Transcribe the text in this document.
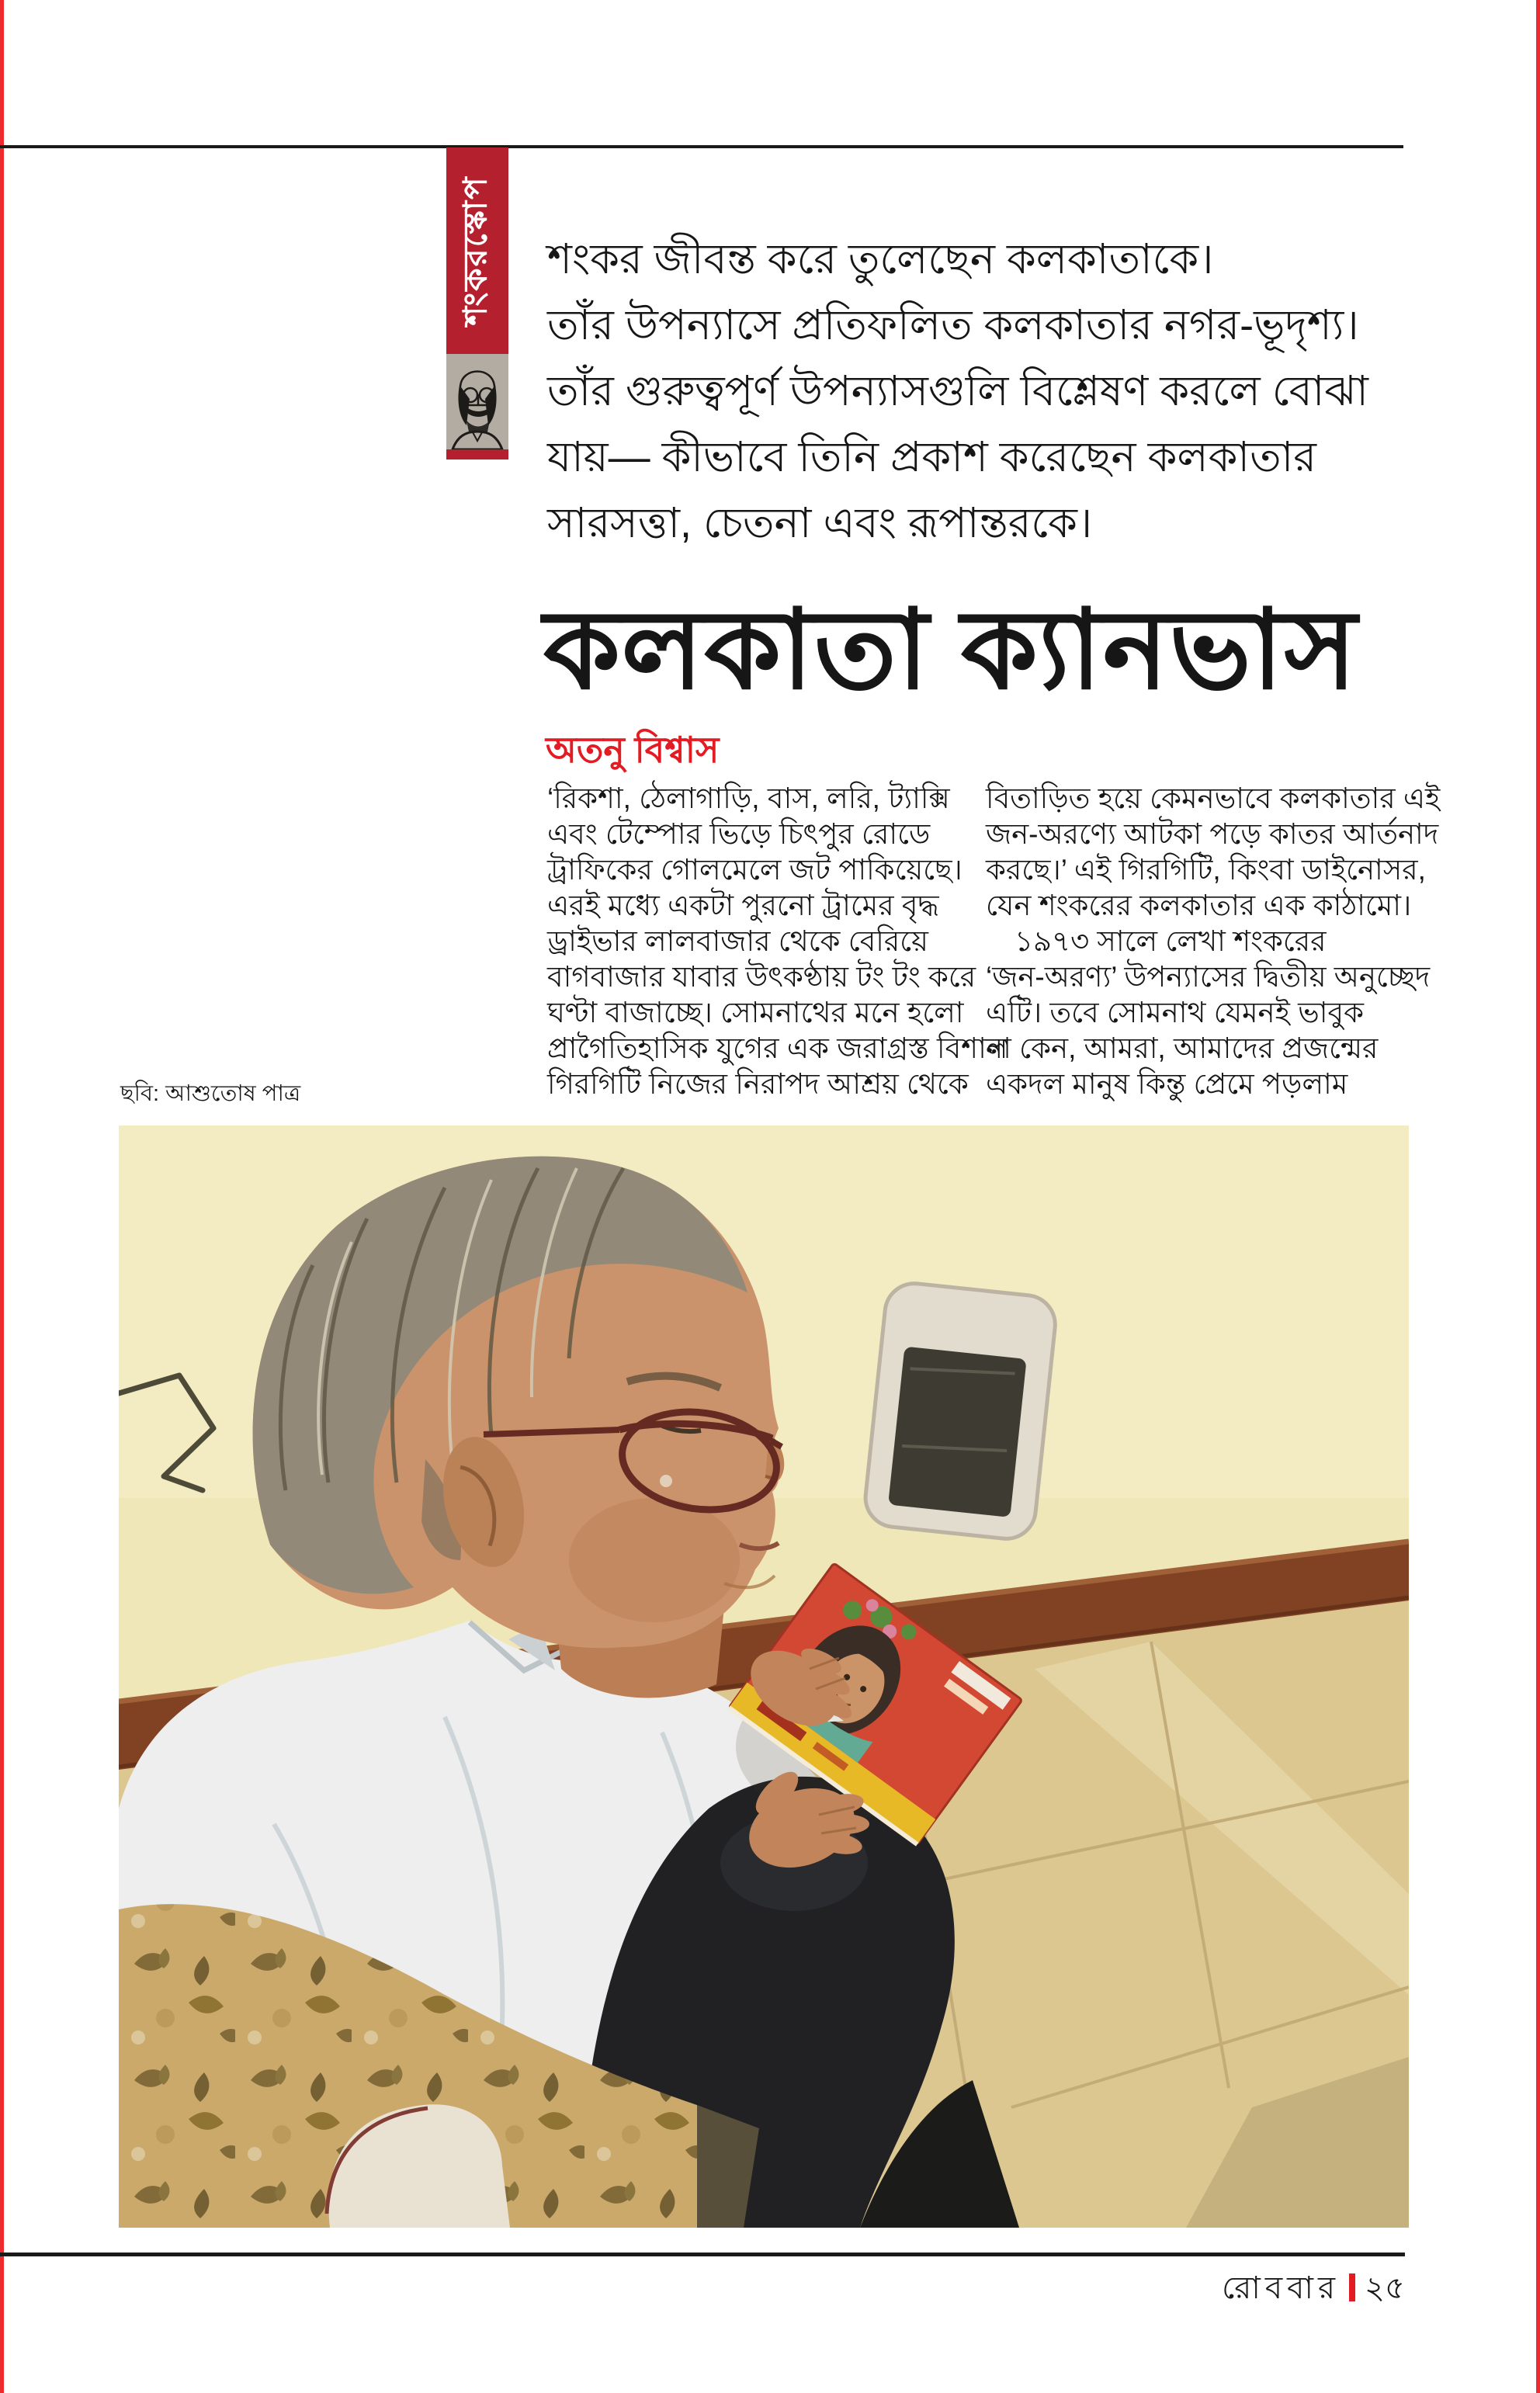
শংকরস্কোপ শংকর জীবন্ত করে তুলেছেন কলকাতাকে।
তাঁর উপন্যাসে প্রতিফলিত কলকাতার নগর-ভূদৃশ্য।
তাঁর গুরুত্বপূর্ণ উপন্যাসগুলি বিশ্লেষণ করলে বোঝা
যায়— কীভাবে তিনি প্রকাশ করেছেন কলকাতার
সারসত্তা, চেতনা এবং রূপান্তরকে।
কলকাতা ক্যানভাস
অতনু বিশ্বাস
‘রিকশা, ঠেলাগাড়ি, বাস, লরি, ট্যাক্সি
এবং টেম্পোর ভিড়ে চিৎপুর রোডে
ট্রাফিকের গোলমেলে জট পাকিয়েছে।
এরই মধ্যে একটা পুরনো ট্রামের বৃদ্ধ
ড্রাইভার লালবাজার থেকে বেরিয়ে
বাগবাজার যাবার উৎকণ্ঠায় টং টং করে
ঘণ্টা বাজাচ্ছে। সোমনাথের মনে হলো
প্রাগৈতিহাসিক যুগের এক জরাগ্রস্ত বিশাল
গিরগিটি নিজের নিরাপদ আশ্রয় থেকে
বিতাড়িত হয়ে কেমনভাবে কলকাতার এই
জন-অরণ্যে আটকা পড়ে কাতর আর্তনাদ
করছে।’ এই গিরগিটি, কিংবা ডাইনোসর,
যেন শংকরের কলকাতার এক কাঠামো।
 ১৯৭৩ সালে লেখা শংকরের
‘জন-অরণ্য’ উপন্যাসের দ্বিতীয় অনুচ্ছেদ
এটি। তবে সোমনাথ যেমনই ভাবুক
না কেন, আমরা, আমাদের প্রজন্মের
একদল মানুষ কিন্তু প্রেমে পড়লাম
ছবি: আশুতোষ পাত্র
রোববার ২৫
